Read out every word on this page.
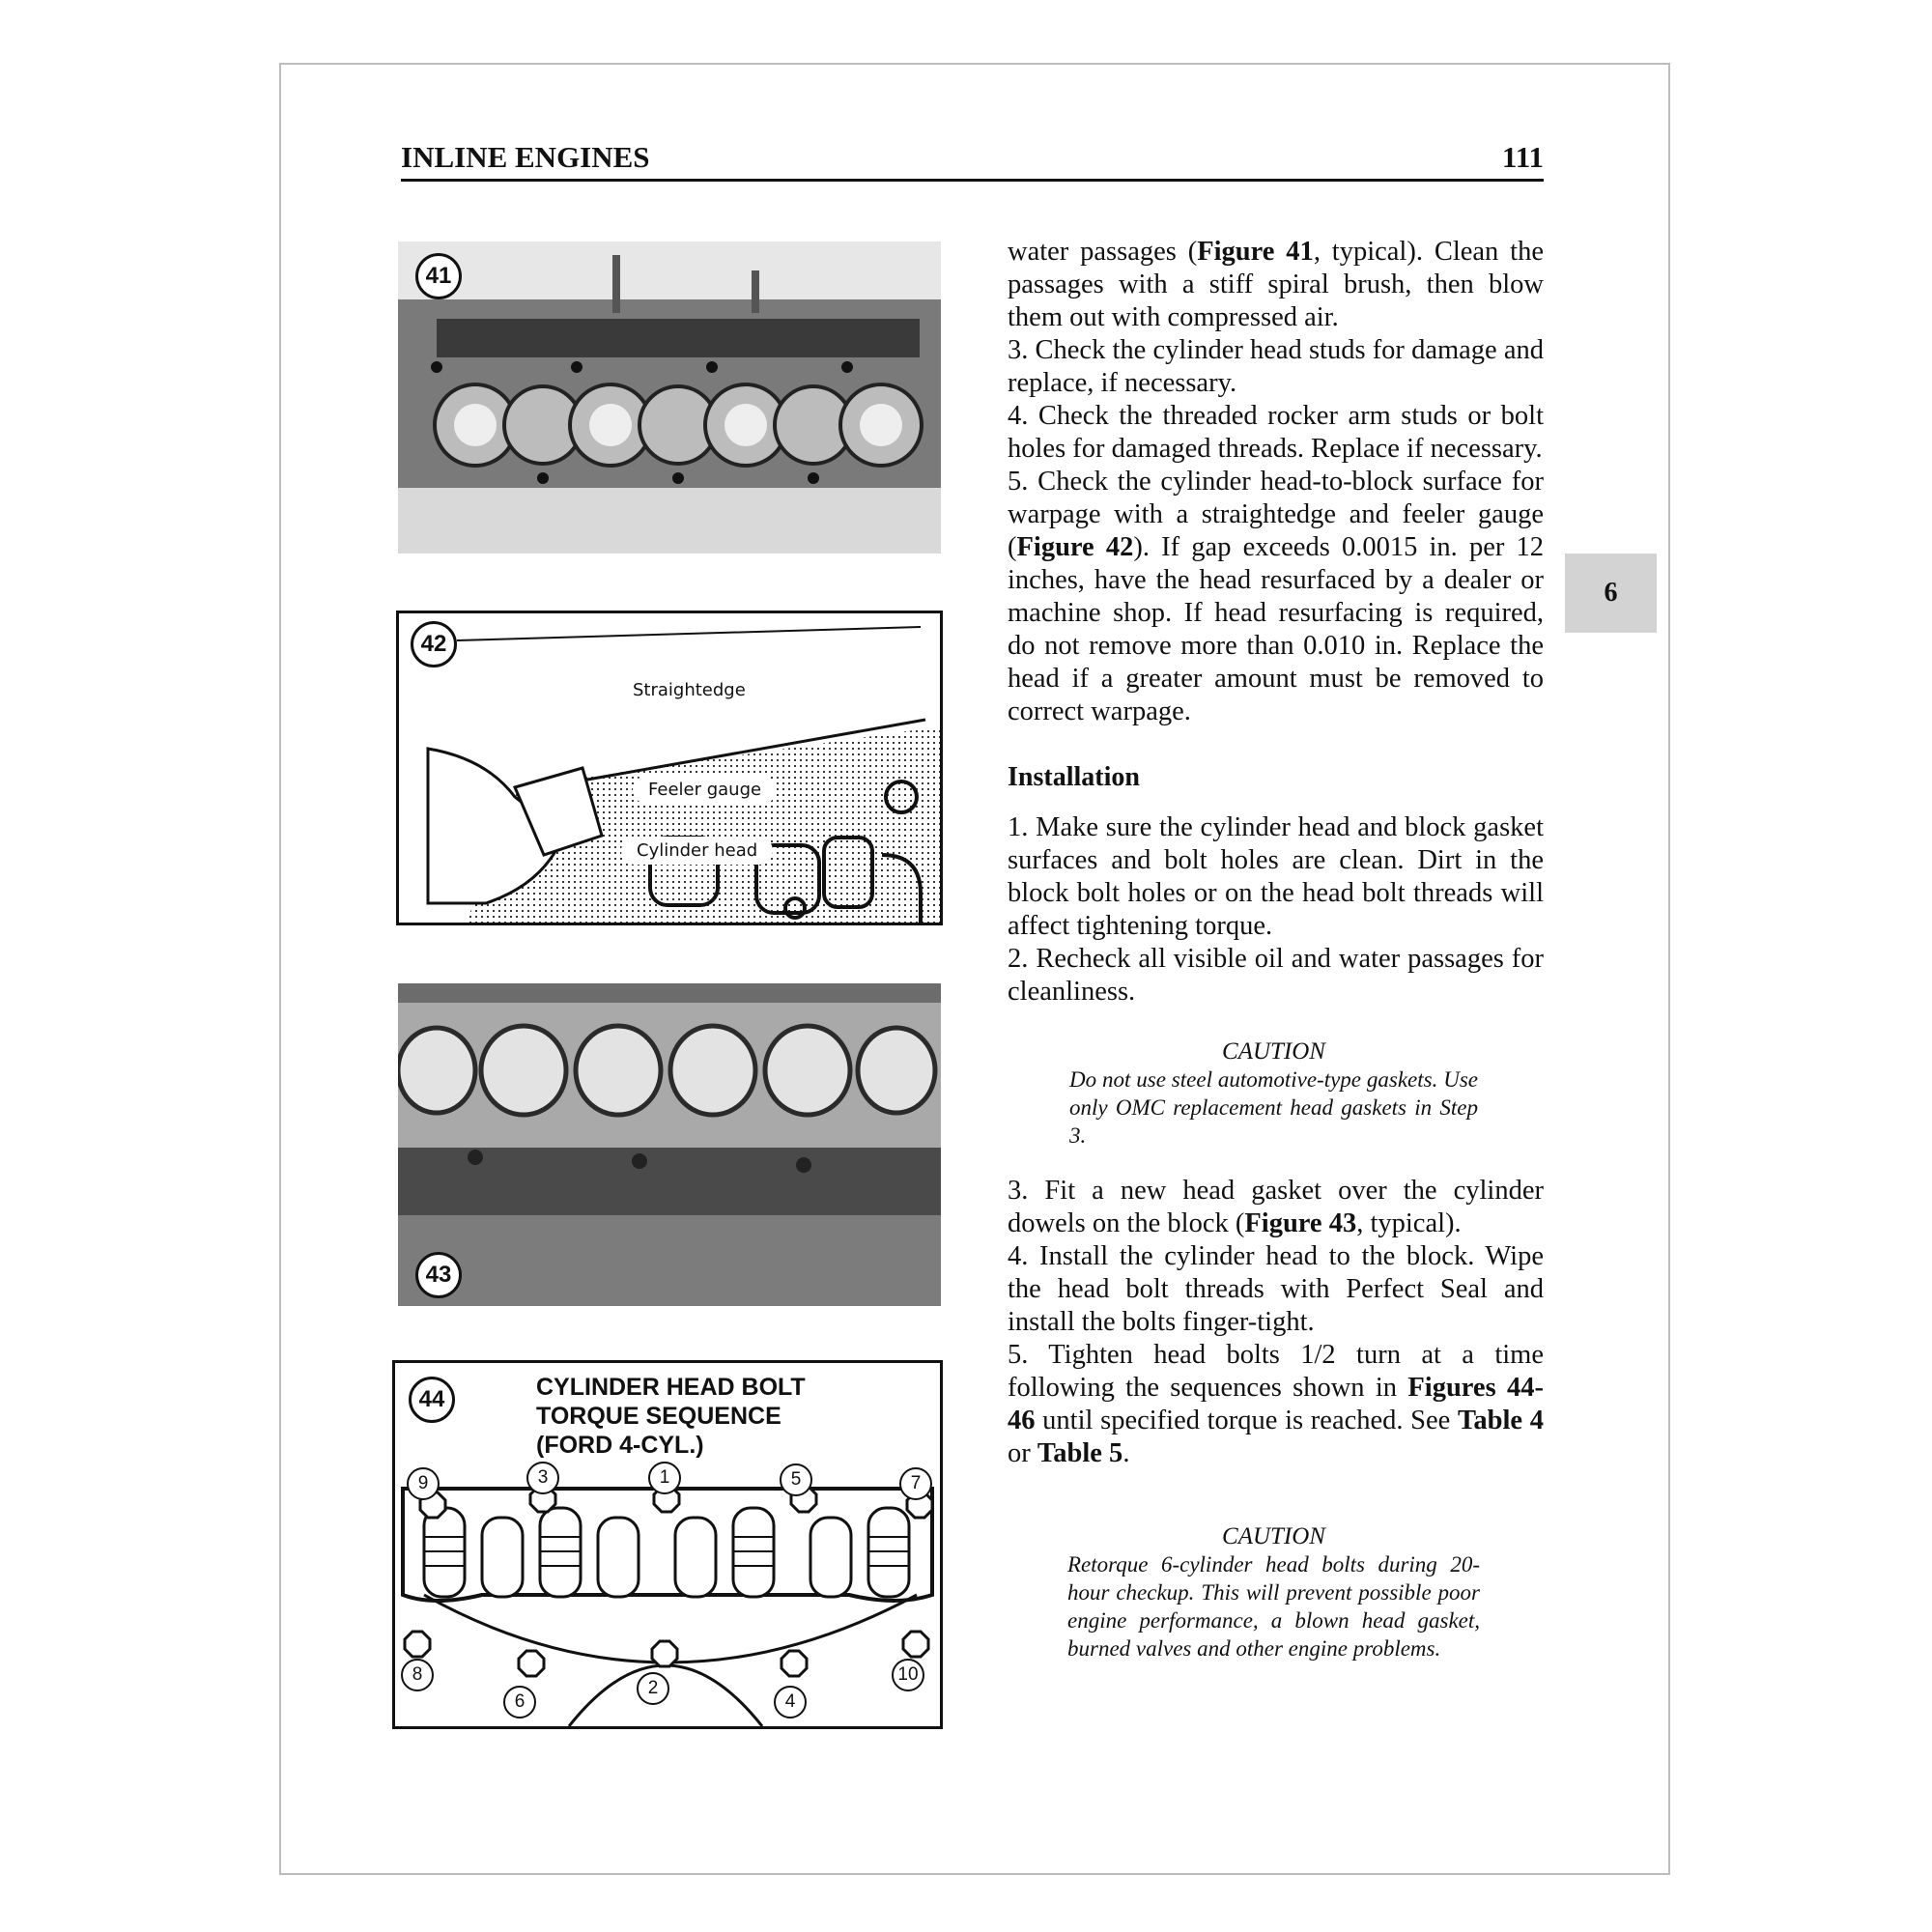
INLINE ENGINES	111
6
41
42
Straightedge
Feeler gauge
Cylinder head
43
44	CYLINDER HEAD BOLT
TORQUE SEQUENCE
(FORD 4-CYL.)
9	3	1	5	7
8
6
2
4
10

water passages (Figure 41, typical). Clean the passages with a stiff spiral brush, then blow them out with compressed air.

3. Check the cylinder head studs for damage and replace, if necessary.

4. Check the threaded rocker arm studs or bolt holes for damaged threads. Replace if necessary.

5. Check the cylinder head-to-block surface for warpage with a straightedge and feeler gauge (Figure 42). If gap exceeds 0.0015 in. per 12 inches, have the head resurfaced by a dealer or machine shop. If head resurfacing is required, do not remove more than 0.010 in. Replace the head if a greater amount must be removed to correct warpage.

Installation

1. Make sure the cylinder head and block gasket surfaces and bolt holes are clean. Dirt in the block bolt holes or on the head bolt threads will affect tightening torque.

2. Recheck all visible oil and water passages for cleanliness.

CAUTION
Do not use steel automotive-type gaskets. Use only OMC replacement head gaskets in Step 3.

3. Fit a new head gasket over the cylinder dowels on the block (Figure 43, typical).

4. Install the cylinder head to the block. Wipe the head bolt threads with Perfect Seal and install the bolts finger-tight.

5. Tighten head bolts 1/2 turn at a time following the sequences shown in Figures 44-46 until specified torque is reached. See Table 4 or Table 5.

CAUTION
Retorque 6-cylinder head bolts during 20-hour checkup. This will prevent possible poor engine performance, a blown head gasket, burned valves and other engine problems.
